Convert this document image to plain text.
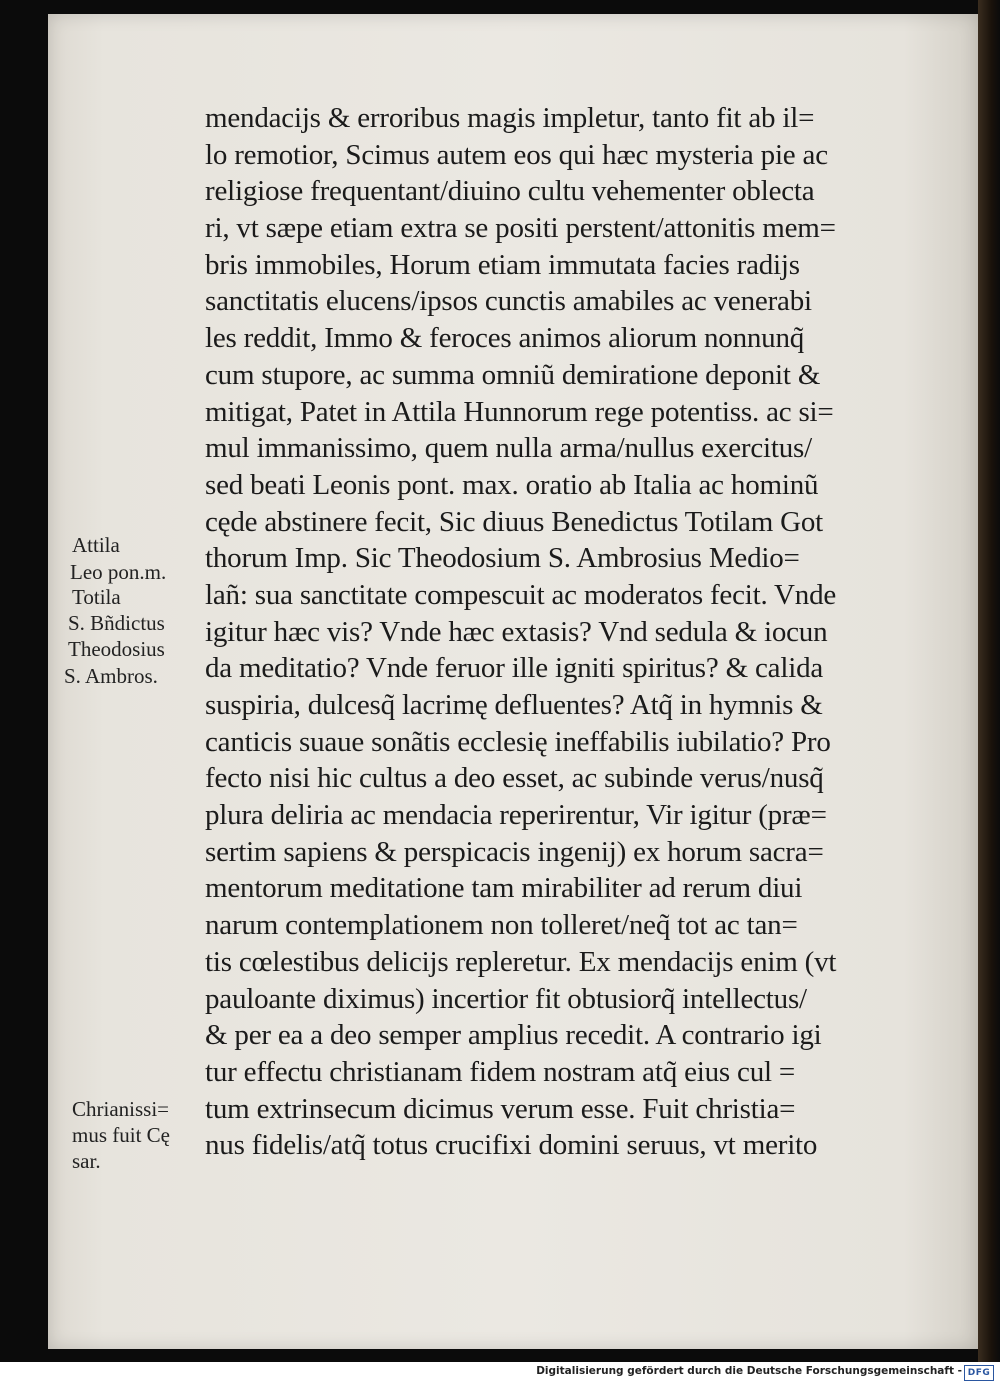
mendacijs & erroribus magis impletur, tanto fit ab il=
lo remotior, Scimus autem eos qui hæc mysteria pie ac
religiose frequentant/diuino cultu vehementer oblecta
ri, vt sæpe etiam extra se positi perstent/attonitis mem=
bris immobiles, Horum etiam immutata facies radijs
sanctitatis elucens/ipsos cunctis amabiles ac venerabi
les reddit, Immo & feroces animos aliorum nonnunq̃
cum stupore, ac summa omniũ demiratione deponit &
mitigat, Patet in Attila Hunnorum rege potentiss. ac si=
mul immanissimo, quem nulla arma/nullus exercitus/
sed beati Leonis pont. max. oratio ab Italia ac hominũ
cęde abstinere fecit, Sic diuus Benedictus Totilam Got
thorum Imp. Sic Theodosium S. Ambrosius Medio=
lañ: sua sanctitate compescuit ac moderatos fecit. Vnde
igitur hæc vis? Vnde hæc extasis? Vnd sedula & iocun
da meditatio? Vnde feruor ille igniti spiritus? & calida
suspiria, dulcesq̃ lacrimę defluentes? Atq̃ in hymnis &
canticis suaue sonãtis ecclesię ineffabilis iubilatio? Pro
fecto nisi hic cultus a deo esset, ac subinde verus/nusq̃
plura deliria ac mendacia reperirentur, Vir igitur (præ=
sertim sapiens & perspicacis ingenij) ex horum sacra=
mentorum meditatione tam mirabiliter ad rerum diui
narum contemplationem non tolleret/neq̃ tot ac tan=
tis cœlestibus delicijs repleretur. Ex mendacijs enim (vt
pauloante diximus) incertior fit obtusiorq̃ intellectus/
& per ea a deo semper amplius recedit. A contrario igi
tur effectu christianam fidem nostram atq̃ eius cul =
tum extrinsecum dicimus verum esse. Fuit christia=
nus fidelis/atq̃ totus crucifixi domini seruus, vt merito
Attila
Leo pon.m.
Totila
S. Bñdictus
Theodosius
S. Ambros.
Chrianissi=
mus fuit Cę
sar.
Digitalisierung gefördert durch die Deutsche Forschungsgemeinschaft - DFG
